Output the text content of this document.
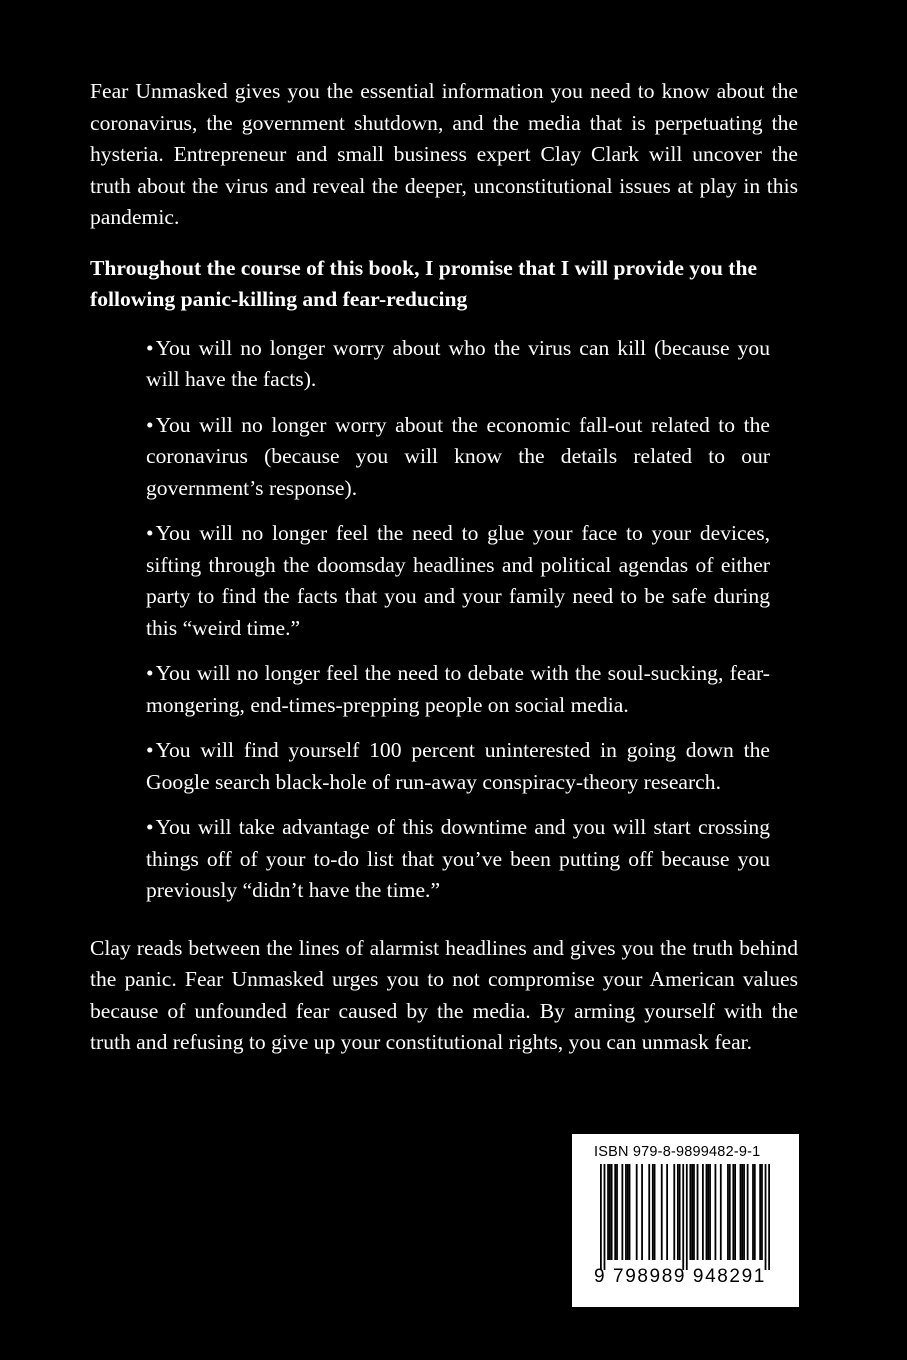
Fear Unmasked gives you the essential information you need to know about the coronavirus, the government shutdown, and the media that is perpetuating the hysteria. Entrepreneur and small business expert Clay Clark will uncover the truth about the virus and reveal the deeper, unconstitutional issues at play in this pandemic.

Throughout the course of this book, I promise that I will provide you the following panic-killing and fear-reducing

•You will no longer worry about who the virus can kill (because you will have the facts).

•You will no longer worry about the economic fall-out related to the coronavirus (because you will know the details related to our government’s response).

•You will no longer feel the need to glue your face to your devices, sifting through the doomsday headlines and political agendas of either party to find the facts that you and your family need to be safe during this “weird time.”

•You will no longer feel the need to debate with the soul-sucking, fear-mongering, end-times-prepping people on social media.

•You will find yourself 100 percent uninterested in going down the Google search black-hole of run-away conspiracy-theory research.

•You will take advantage of this downtime and you will start crossing things off of your to-do list that you’ve been putting off because you previously “didn’t have the time.”

Clay reads between the lines of alarmist headlines and gives you the truth behind the panic. Fear Unmasked urges you to not compromise your American values because of unfounded fear caused by the media. By arming yourself with the truth and refusing to give up your constitutional rights, you can unmask fear.

ISBN 979-8-9899482-9-1
9 798989 948291
